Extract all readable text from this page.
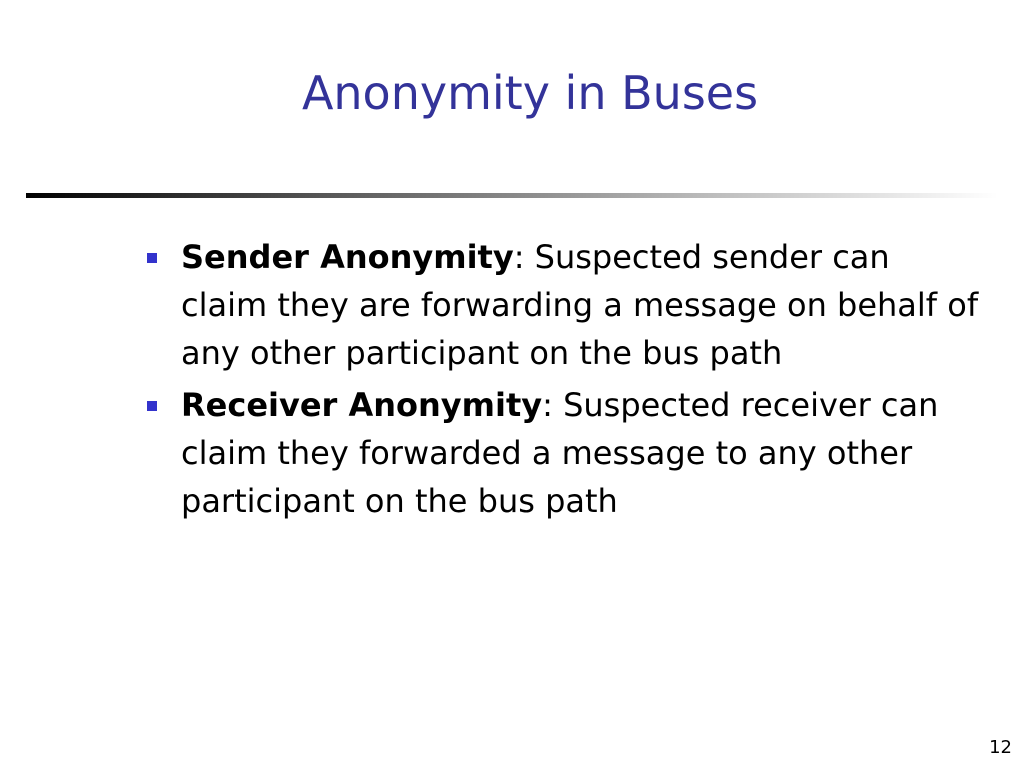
Anonymity in Buses
Sender Anonymity: Suspected sender can claim they are forwarding a message on behalf of any other participant on the bus path
Receiver Anonymity: Suspected receiver can claim they forwarded a message to any other participant on the bus path
12
